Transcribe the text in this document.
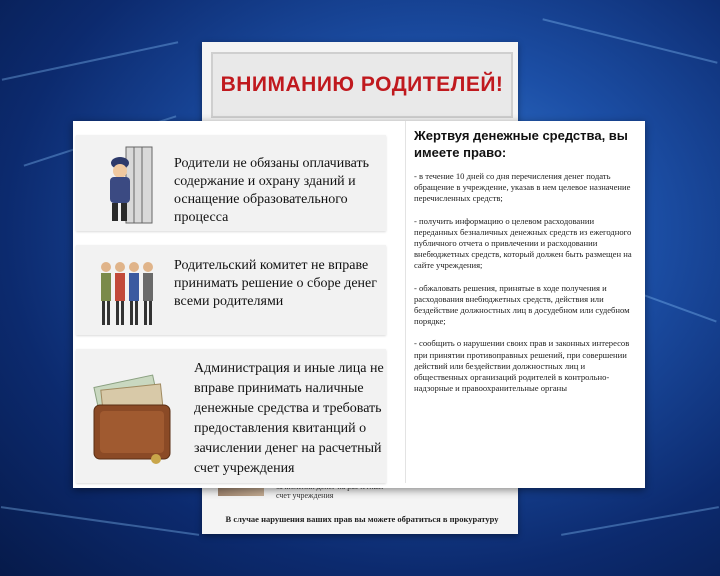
ВНИМАНИЮ РОДИТЕЛЕЙ!
счет учреждения
В случае нарушения ваших прав вы можете обратиться в прокуратуру
Родители не обязаны оплачивать содержание и охрану зданий и оснащение образовательного процесса
Родительский комитет не вправе принимать решение о сборе денег всеми родителями
Администрация и иные лица не вправе принимать наличные денежные средства и требовать предоставления квитанций о зачислении денег на расчетный счет учреждения
Жертвуя денежные средства, вы имеете право:
- в течение 10 дней со дня перечисления денег подать обращение в учреждение, указав в нем целевое назначение перечисленных средств;
- получить информацию о целевом расходовании переданных безналичных денежных средств из ежегодного публичного отчета о привлечении и расходовании внебюджетных средств, который должен быть размещен на сайте учреждения;
- обжаловать решения, принятые в ходе получения и расходования внебюджетных средств, действия или бездействие должностных лиц в досудебном или судебном порядке;
- сообщить о нарушении своих прав и законных интересов при принятии противоправных решений, при совершении действий или бездействии должностных лиц и общественных организаций родителей в контрольно-надзорные и правоохранительные органы
